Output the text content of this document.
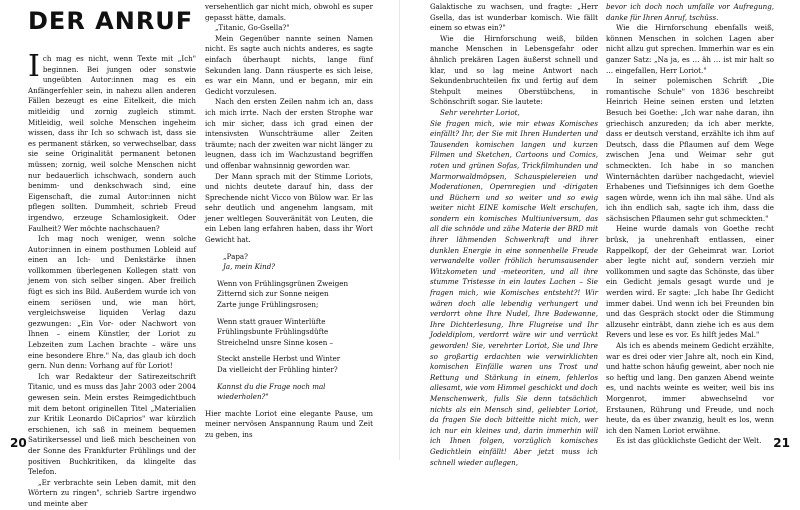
DER ANRUF

Ich mag es nicht, wenn Texte mit „Ich" beginnen. Bei jungen oder sonstwie ungeübten Autor:innen mag es ein Anfängerfehler sein, in nahezu allen anderen Fällen bezeugt es eine Eitelkeit, die mich mitleidig und zornig zugleich stimmt. Mitleidig, weil solche Menschen ingeheim wissen, dass ihr Ich so schwach ist, dass sie es permanent stärken, so verwechselbar, dass sie seine Originalität permanent betonen müssen; zornig, weil solche Menschen nicht nur bedauerlich ichschwach, sondern auch benimm- und denkschwach sind, eine Eigenschaft, die zumal Autor:innen nicht pflegen sollten. Dummheit, schrieb Freud irgendwo, erzeuge Schamlosigkeit. Oder Faulheit? Wer möchte nachschauen?

Ich mag noch weniger, wenn solche Autor:innen in einem posthumen Lobleid auf einen an Ich- und Denkstärke ihnen vollkommen überlegenen Kollegen statt von jenem von sich selber singen. Aber freilich fügt es sich ins Bild. Außerdem wurde ich von einem seriösen und, wie man hört, vergleichsweise liquiden Verlag dazu gezwungen: „Ein Vor- oder Nachwort von Ihnen – einem Künstler, der Loriot zu Lebzeiten zum Lachen brachte – wäre uns eine besondere Ehre." Na, das glaub ich doch gern. Nun denn: Vorhang auf für Loriot!

Ich war Redakteur der Satirezeitschrift Titanic, und es muss das Jahr 2003 oder 2004 gewesen sein. Mein erstes Reimgedichtbuch mit dem betont originellen Titel „Materialien zur Kritik Leonardo DiCaprios" war kürzlich erschienen, ich saß in meinem bequemen Satirikersessel und ließ mich bescheinen von der Sonne des Frankfurter Frühlings und der positiven Buchkritiken, da klingelte das Telefon.

„Er verbrachte sein Leben damit, mit den Wörtern zu ringen", schrieb Sartre irgendwo und meinte aber

versehentlich gar nicht mich, obwohl es super gepasst hätte, damals.

„Titanic, Go-Gsella?"

Mein Gegenüber nannte seinen Namen nicht. Es sagte auch nichts anderes, es sagte einfach überhaupt nichts, lange fünf Sekunden lang. Dann räusperte es sich leise, es war ein Mann, und er begann, mir ein Gedicht vorzulesen.

Nach den ersten Zeilen nahm ich an, dass ich mich irrte. Nach der ersten Strophe war ich mir sicher, dass ich grad einen der intensivsten Wunschträume aller Zeiten träumte; nach der zweiten war nicht länger zu leugnen, dass ich im Wachzustand begriffen und offenbar wahnsinnig geworden war.

Der Mann sprach mit der Stimme Loriots, und nichts deutete darauf hin, dass der Sprechende nicht Vicco von Bülow war. Er las sehr deutlich und angenehm langsam, mit jener weltlegen Souveränität von Leuten, die ein Leben lang erfahren haben, dass ihr Wort Gewicht hat.

„Papa?

Ja, mein Kind?

Wenn von Frühlingsgrünen Zweigen

Zitternd sich zur Sonne neigen

Zarte junge Frühlingsrosen;

Wenn statt grauer Winterlüfte

Frühlingsbunte Frühlingsdüfte

Streichelnd unsre Sinne kosen –

Steckt anstelle Herbst und Winter

Da vielleicht der Frühling hinter?

Kannst du die Frage noch mal wiederholen?"

Hier machte Loriot eine elegante Pause, um meiner nervösen Anspannung Raum und Zeit zu geben, ins

20

Galaktische zu wachsen, und fragte: „Herr Gsella, das ist wunderbar komisch. Wie fällt einem so etwas ein?"

Wie die Hirnforschung weiß, bilden manche Menschen in Lebensgefahr oder ähnlich prekären Lagen äußerst schnell und klar, und so lag meine Antwort nach Sekundenbruchteilen fix und fertig auf dem Stehpult meines Oberstübchens, in Schönschrift sogar. Sie lautete:

Sehr verehrter Loriot,

Sie fragen mich, wie mir etwas Komisches einfällt? Ihr, der Sie mit Ihren Hunderten und Tausenden komischen langen und kurzen Filmen und Sketchen, Cartoons und Comics, roten und grünen Sofas, Trickfilmhunden und Marmorwaldmöpsen, Schauspielereien und Moderationen, Opernregien und -dirigaten und Büchern und so weiter und so ewig weiter nicht EINE komische Welt erschufen, sondern ein komisches Multiuniversum, das all die schnöde und zähe Materie der BRD mit ihrer lähmenden Schwerkraft und ihrer dunklen Energie in eine sonnenhelle Freude verwandelte voller fröhlich herumsausender Witzkometen und -meteoriten, und all ihre stumme Tristesse in ein lautes Lachen – Sie fragen mich, wie Komisches entsteht?! Wir wären doch alle lebendig verhungert und verdorrt ohne Ihre Nudel, Ihre Badewanne, Ihre Dichterlesung, Ihre Flugreise und Ihr Jodeldiplom, verdorrt wäre wir und verrückt geworden! Sie, verehrter Loriot, Sie und Ihre so großartig erdachten wie verwirklichten komischen Einfälle waren uns Trost und Rettung und Stärkung in einem, fehlerlos allesamt, wie vom Himmel geschickt und doch Menschenwerk, fulls Sie denn tatsächlich nichts als ein Mensch sind, geliebter Loriot, da fragen Sie doch bitteitte nicht mich, wer ich nur ein kleines und, darin immerhin will ich Ihnen folgen, vorzüglich komisches Gedichtlein einfällt! Aber jetzt muss ich schnell wieder auflegen,

bevor ich doch noch umfalle vor Aufregung, danke für Ihren Anruf, tschüss.

Wie die Hirnforschung ebenfalls weiß, können Menschen in solchen Lagen aber nicht allzu gut sprechen. Immerhin war es ein ganzer Satz: „Na ja, es … äh … ist mir halt so … eingefallen, Herr Loriot."

In seiner polemischen Schrift „Die romantische Schule" von 1836 beschreibt Heinrich Heine seinen ersten und letzten Besuch bei Goethe: „Ich war nahe daran, ihn griechisch anzureden; da ich aber merkte, dass er deutsch verstand, erzählte ich ihm auf Deutsch, dass die Pflaumen auf dem Wege zwischen Jena und Weimar sehr gut schmeckten. Ich habe in so manchen Winternächten darüber nachgedacht, wieviel Erhabenes und Tiefsinniges ich dem Goethe sagen würde, wenn ich ihn mal sähe. Und als ich ihn endlich sah, sagte ich ihm, dass die sächsischen Pflaumen sehr gut schmeckten."

Heine wurde damals von Goethe recht brüsk, ja unehrenhaft entlassen, einer Rappelkopf, der der Geheimrat war. Loriot aber legte nicht auf, sondern verzieh mir vollkommen und sagte das Schönste, das über ein Gedicht jemals gesagt wurde und je werden wird. Er sagte: „Ich habe Ihr Gedicht immer dabei. Und wenn ich bei Freunden bin und das Gespräch stockt oder die Stimmung allzusehr einträbt, dann ziehe ich es aus dem Revers und lese es vor. Es hilft jedes Mal."

Als ich es abends meinem Gedicht erzählte, war es drei oder vier Jahre alt, noch ein Kind, und hatte schon häufig geweint, aber noch nie so heftig und lang. Den ganzen Abend weinte es, und nachts weinte es weiter, weil bis ins Morgenrot, immer abwechselnd vor Erstaunen, Rührung und Freude, und noch heute, da es über zwanzig, heult es los, wenn ich den Namen Loriot erwähne.

Es ist das glücklichste Gedicht der Welt. 21
